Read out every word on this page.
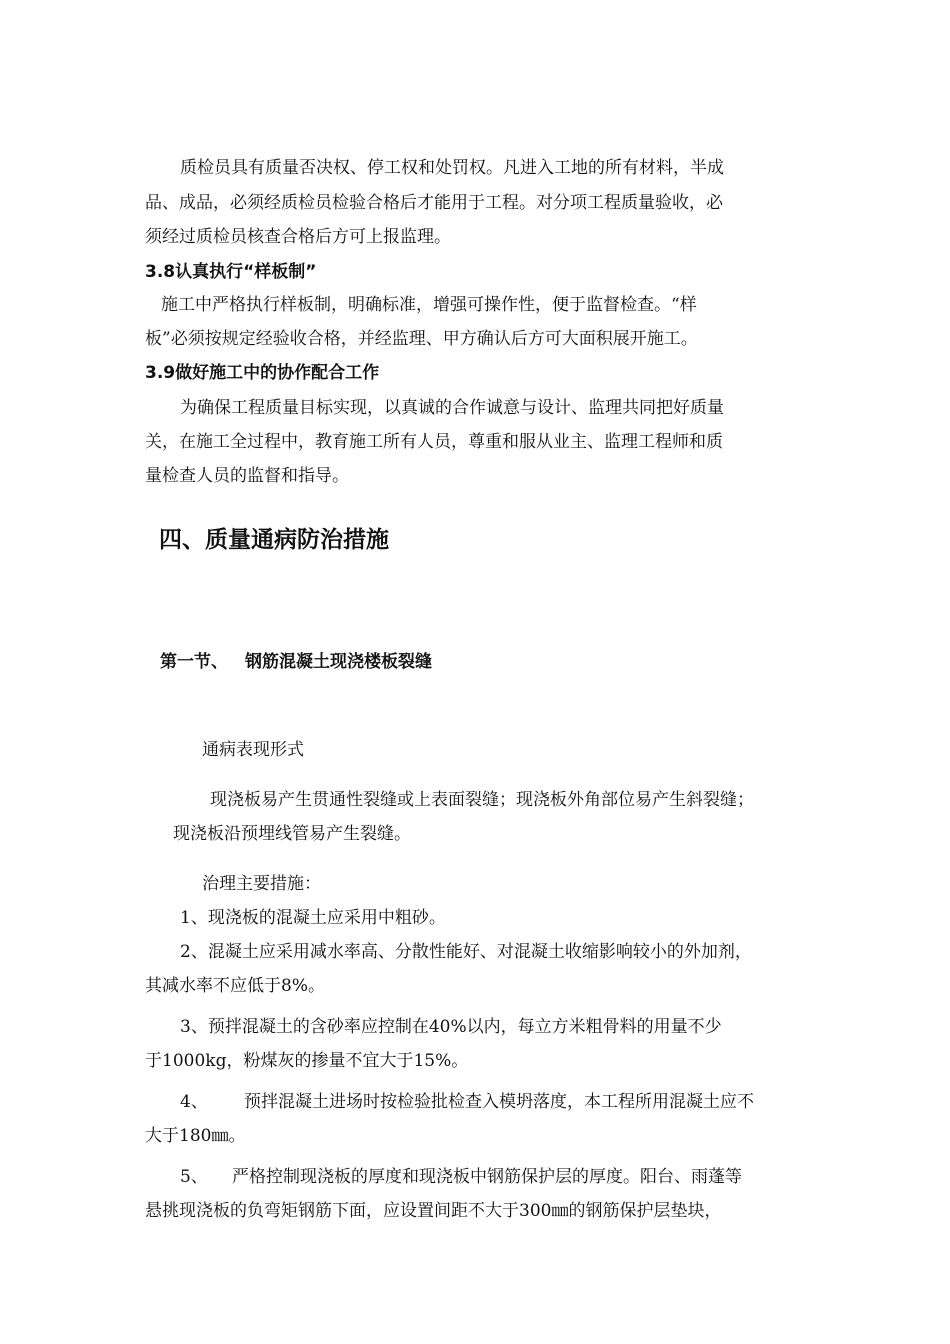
质检员具有质量否决权、停工权和处罚权。凡进入工地的所有材料，半成

品、成品，必须经质检员检验合格后才能用于工程。对分项工程质量验收，必

须经过质检员核查合格后方可上报监理。

3.8认真执行“样板制”

施工中严格执行样板制，明确标准，增强可操作性，便于监督检查。“样

板”必须按规定经验收合格，并经监理、甲方确认后方可大面积展开施工。

3.9做好施工中的协作配合工作

为确保工程质量目标实现，以真诚的合作诚意与设计、监理共同把好质量

关，在施工全过程中，教育施工所有人员，尊重和服从业主、监理工程师和质

量检查人员的监督和指导。

四、质量通病防治措施

第一节、 钢筋混凝土现浇楼板裂缝

通病表现形式

现浇板易产生贯通性裂缝或上表面裂缝；现浇板外角部位易产生斜裂缝；

现浇板沿预埋线管易产生裂缝。

治理主要措施：

1、现浇板的混凝土应采用中粗砂。

2、混凝土应采用减水率高、分散性能好、对混凝土收缩影响较小的外加剂，

其减水率不应低于8%。

3、预拌混凝土的含砂率应控制在40%以内，每立方米粗骨料的用量不少

于1000kg，粉煤灰的掺量不宜大于15%。

4、 预拌混凝土进场时按检验批检查入模坍落度，本工程所用混凝土应不

大于180㎜。

5、 严格控制现浇板的厚度和现浇板中钢筋保护层的厚度。阳台、雨蓬等

悬挑现浇板的负弯矩钢筋下面，应设置间距不大于300㎜的钢筋保护层垫块，
